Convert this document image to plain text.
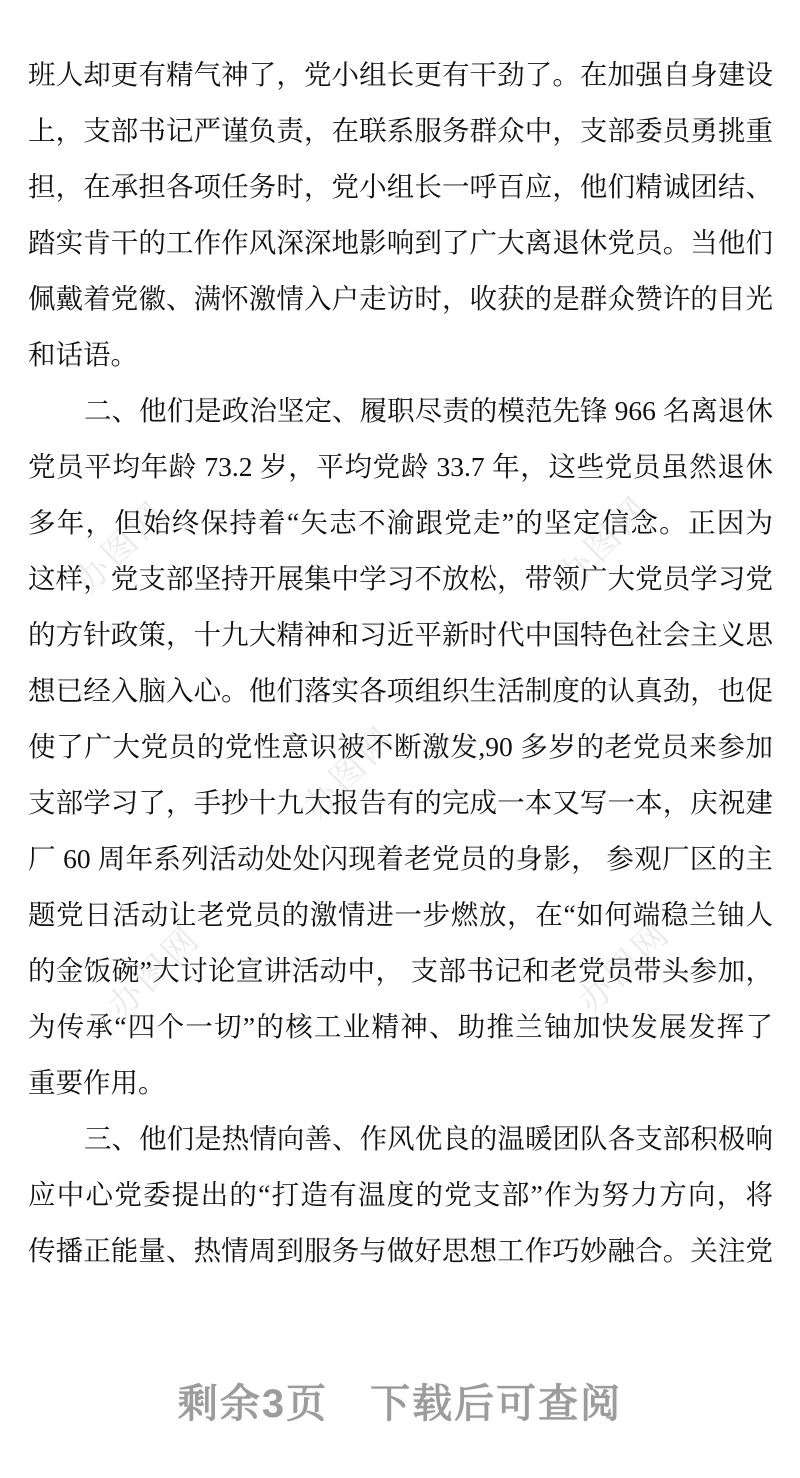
办图网	办图网
办图网
办图网	办图网
班人却更有精气神了，党小组长更有干劲了。在加强自身建设
上，支部书记严谨负责，在联系服务群众中，支部委员勇挑重
担，在承担各项任务时，党小组长一呼百应，他们精诚团结、
踏实肯干的工作作风深深地影响到了广大离退休党员。当他们
佩戴着党徽、满怀激情入户走访时，收获的是群众赞许的目光
和话语。
二、他们是政治坚定、履职尽责的模范先锋 966 名离退休
党员平均年龄 73.2 岁，平均党龄 33.7 年，这些党员虽然退休
多年，但始终保持着“矢志不渝跟党走”的坚定信念。正因为
这样，党支部坚持开展集中学习不放松，带领广大党员学习党
的方针政策，十九大精神和习近平新时代中国特色社会主义思
想已经入脑入心。他们落实各项组织生活制度的认真劲，也促
使了广大党员的党性意识被不断激发,90 多岁的老党员来参加
支部学习了，手抄十九大报告有的完成一本又写一本，庆祝建
厂 60 周年系列活动处处闪现着老党员的身影， 参观厂区的主
题党日活动让老党员的激情进一步燃放，在“如何端稳兰铀人
的金饭碗”大讨论宣讲活动中， 支部书记和老党员带头参加，
为传承“四个一切”的核工业精神、助推兰铀加快发展发挥了
重要作用。
三、他们是热情向善、作风优良的温暖团队各支部积极响
应中心党委提出的“打造有温度的党支部”作为努力方向，将
传播正能量、热情周到服务与做好思想工作巧妙融合。关注党
剩余3页 下载后可查阅
